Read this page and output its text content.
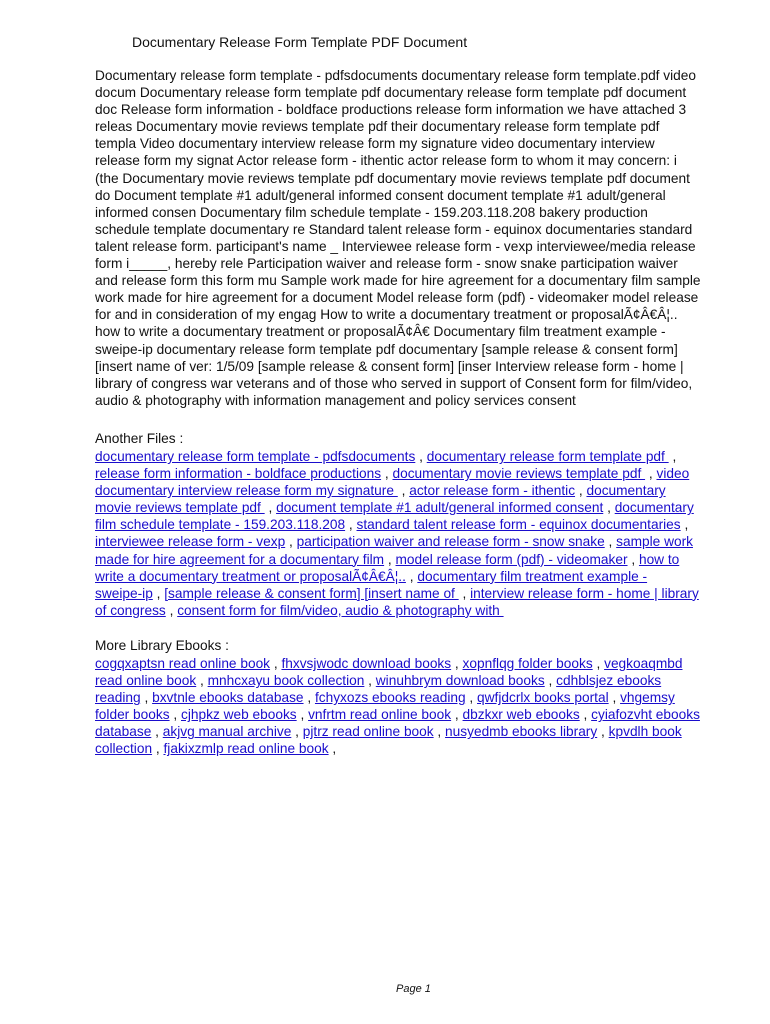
Documentary Release Form Template PDF Document
Documentary release form template - pdfsdocuments documentary release form template.pdf video
docum Documentary release form template pdf documentary release form template pdf document
doc Release form information - boldface productions release form information we have attached 3
releas Documentary movie reviews template pdf their documentary release form template pdf
templa Video documentary interview release form my signature video documentary interview
release form my signat Actor release form - ithentic actor release form to whom it may concern: i
(the Documentary movie reviews template pdf documentary movie reviews template pdf document
do Document template #1 adult/general informed consent document template #1 adult/general
informed consen Documentary film schedule template - 159.203.118.208 bakery production
schedule template documentary re Standard talent release form - equinox documentaries standard
talent release form. participant's name _ Interviewee release form - vexp interviewee/media release
form i_____, hereby rele Participation waiver and release form - snow snake participation waiver
and release form this form mu Sample work made for hire agreement for a documentary film sample
work made for hire agreement for a document Model release form (pdf) - videomaker model release
for and in consideration of my engag How to write a documentary treatment or proposalÃ¢Â€Â¦..
how to write a documentary treatment or proposalÃ¢Â€ Documentary film treatment example -
sweipe-ip documentary release form template pdf documentary [sample release & consent form]
[insert name of ver: 1/5/09 [sample release & consent form] [inser Interview release form - home |
library of congress war veterans and of those who served in support of Consent form for film/video,
audio & photography with information management and policy services consent
Another Files :
documentary release form template - pdfsdocuments , documentary release form template pdf  ,
release form information - boldface productions , documentary movie reviews template pdf  , video
documentary interview release form my signature  , actor release form - ithentic , documentary
movie reviews template pdf  , document template #1 adult/general informed consent , documentary
film schedule template - 159.203.118.208 , standard talent release form - equinox documentaries ,
interviewee release form - vexp , participation waiver and release form - snow snake , sample work
made for hire agreement for a documentary film , model release form (pdf) - videomaker , how to
write a documentary treatment or proposalÃ¢Â€Â¦.. , documentary film treatment example -
sweipe-ip , [sample release & consent form] [insert name of  , interview release form - home | library
of congress , consent form for film/video, audio & photography with
More Library Ebooks :
cogqxaptsn read online book , fhxvsjwodc download books , xopnflqg folder books , vegkoaqmbd
read online book , mnhcxayu book collection , winuhbrym download books , cdhblsjez ebooks
reading , bxvtnle ebooks database , fchyxozs ebooks reading , qwfjdcrlx books portal , vhgemsy
folder books , cjhpkz web ebooks , vnfrtm read online book , dbzkxr web ebooks , cyiafozvht ebooks
database , akjvg manual archive , pjtrz read online book , nusyedmb ebooks library , kpvdlh book
collection , fjakixzmlp read online book ,
Page 1
